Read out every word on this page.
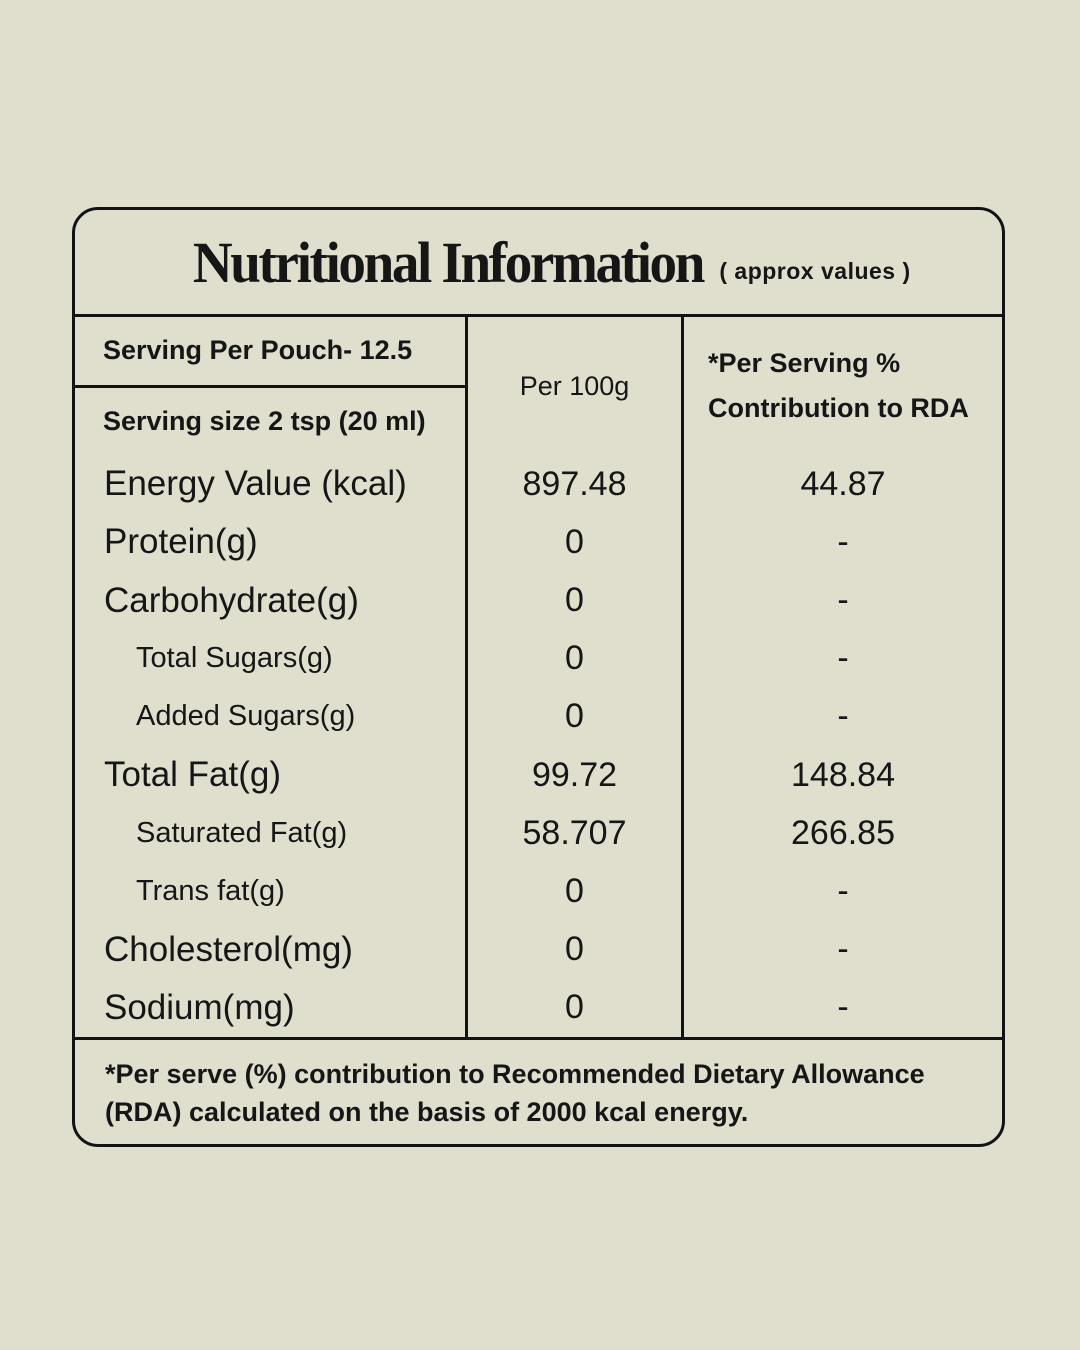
Nutritional Information ( approx values )
Serving Per Pouch- 12.5
Serving size 2 tsp (20 ml)
Per 100g
*Per Serving %
Contribution to RDA
Energy Value (kcal)	897.48	44.87
Protein(g)	0	-
Carbohydrate(g)	0	-
Total Sugars(g)	0	-
Added Sugars(g)	0	-
Total Fat(g)	99.72	148.84
Saturated Fat(g)	58.707	266.85
Trans fat(g)	0	-
Cholesterol(mg)	0	-
Sodium(mg)	0	-
*Per serve (%) contribution to Recommended Dietary Allowance (RDA) calculated on the basis of 2000 kcal energy.
